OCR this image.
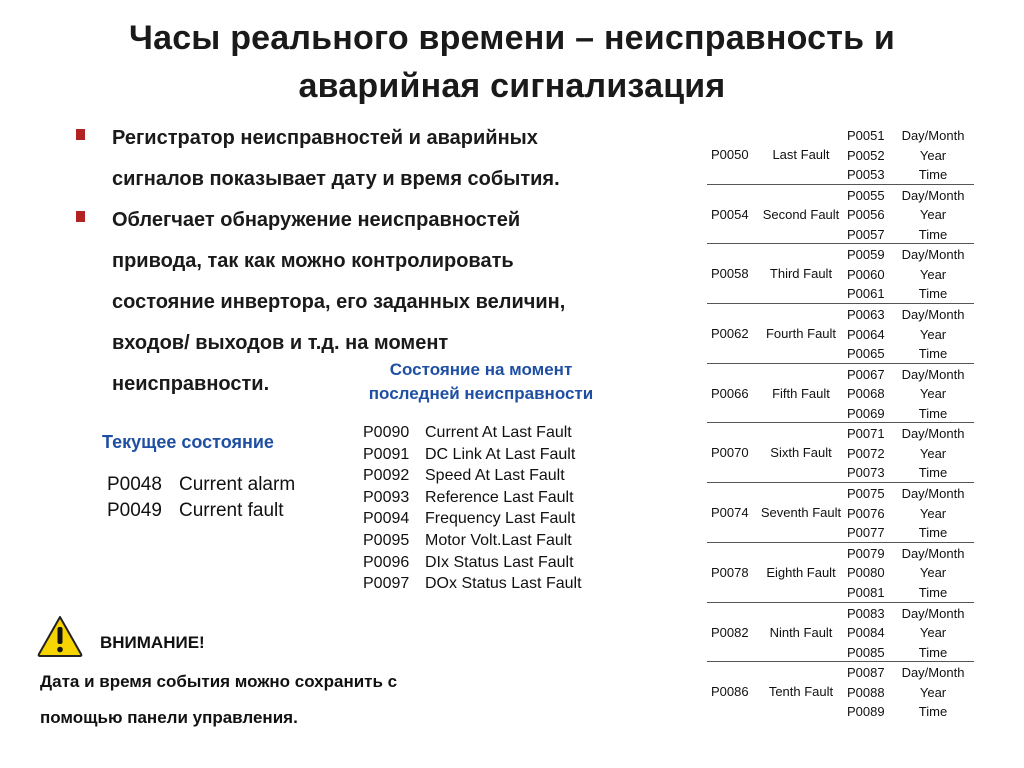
Часы реального времени – неисправность и аварийная сигнализация
Регистратор неисправностей и аварийных
сигналов показывает дату и время события.
Облегчает обнаружение неисправностей
привода, так как можно контролировать
состояние инвертора, его заданных величин,
входов/ выходов и т.д. на момент
неисправности.
Текущее состояние
P0048 Current alarm
P0049 Current fault
Состояние на момент
последней неисправности
P0090 Current At Last Fault
P0091 DC Link At Last Fault
P0092 Speed At Last Fault
P0093 Reference Last Fault
P0094 Frequency Last Fault
P0095 Motor Volt.Last Fault
P0096 DIx Status Last Fault
P0097 DOx Status Last Fault
ВНИМАНИЕ!
Дата и время события можно сохранить с
помощью панели управления.
P0050	Last Fault
P0051	Day/Month
P0052	Year
P0053	Time
P0054	Second Fault
P0055	Day/Month
P0056	Year
P0057	Time
P0058	Third Fault
P0059	Day/Month
P0060	Year
P0061	Time
P0062	Fourth Fault
P0063	Day/Month
P0064	Year
P0065	Time
P0066	Fifth Fault
P0067	Day/Month
P0068	Year
P0069	Time
P0070	Sixth Fault
P0071	Day/Month
P0072	Year
P0073	Time
P0074 Seventh Fault
P0075	Day/Month
P0076	Year
P0077	Time
P0078	Eighth Fault
P0079	Day/Month
P0080	Year
P0081	Time
P0082	Ninth Fault
P0083	Day/Month
P0084	Year
P0085	Time
P0086	Tenth Fault
P0087	Day/Month
P0088	Year
P0089	Time
